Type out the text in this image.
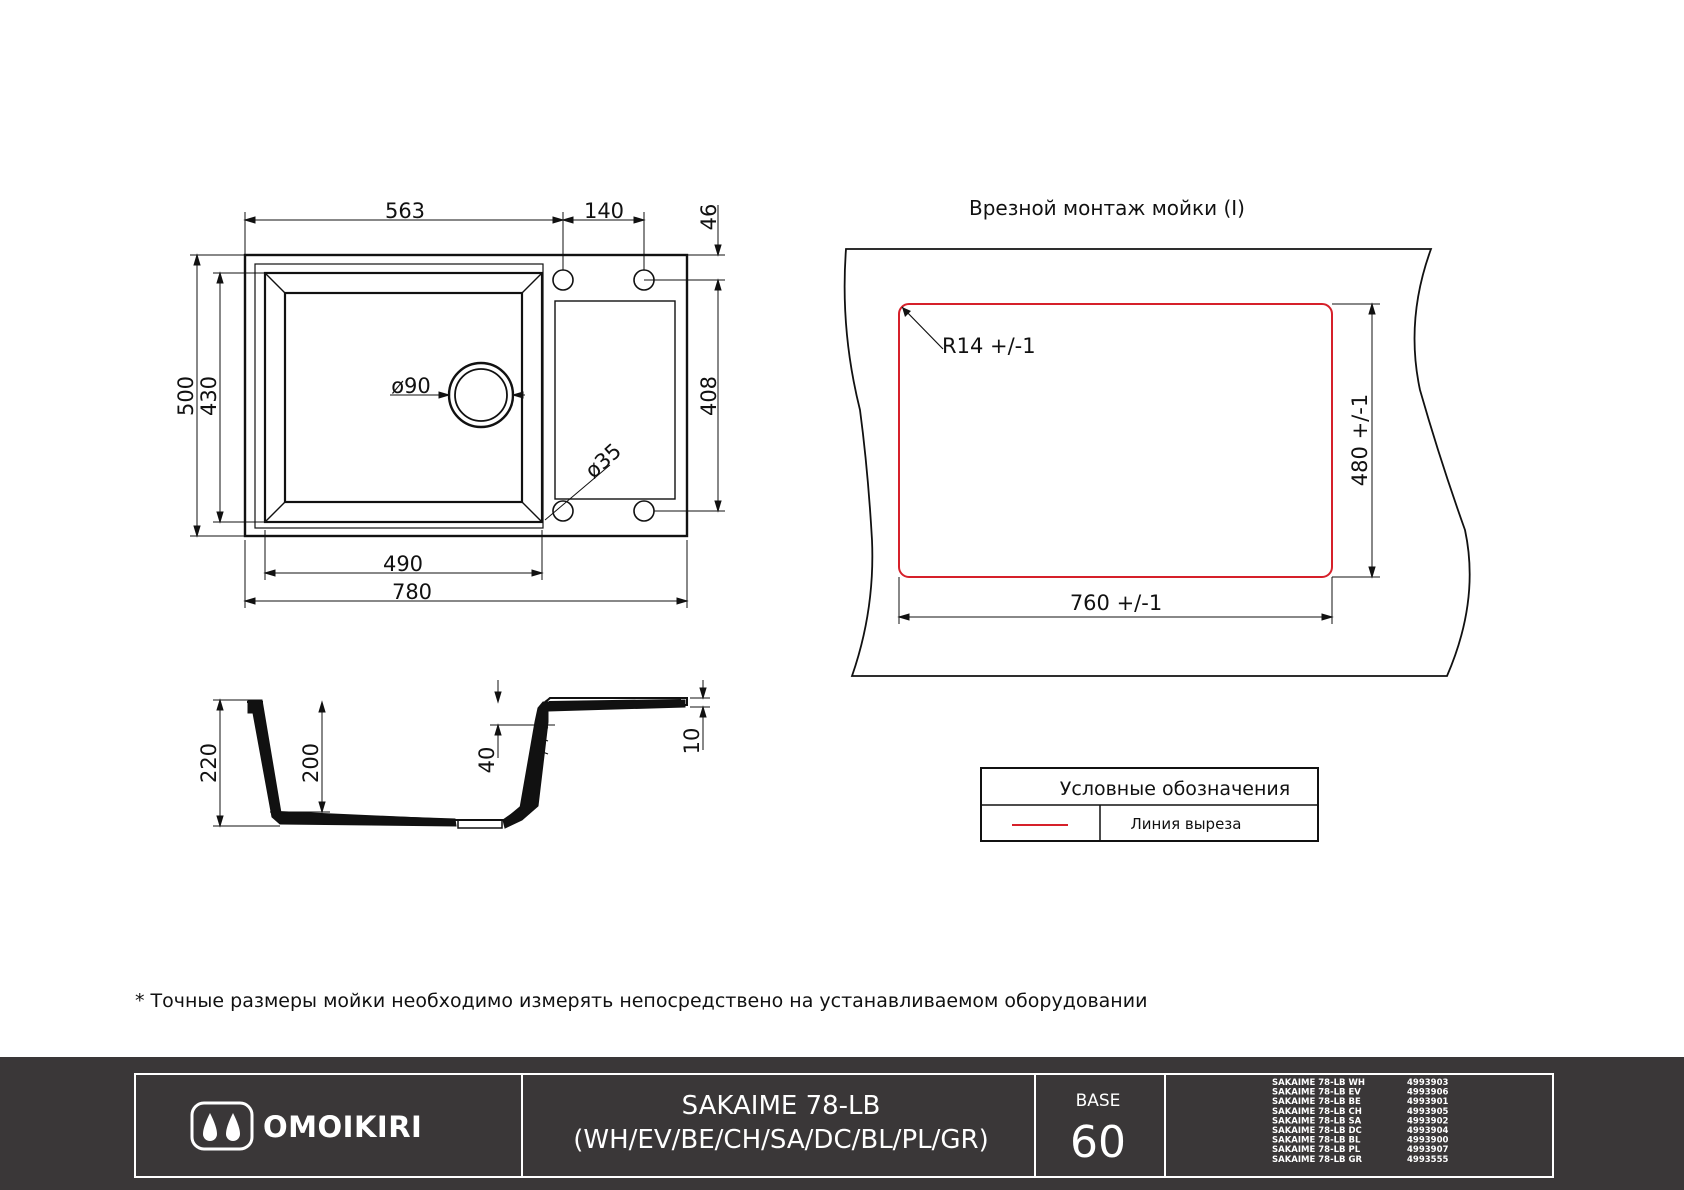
563	140	46
500 430	408
490
780
ø90
ø35
220	200	40
10
Врезной монтаж мойки (I)
R14 +/-1
480 +/-1
760 +/-1
Условные обозначения
Линия выреза
* Точные размеры мойки необходимо измерять непосредствено на устанавливаемом оборудовании
OMOIKIRI
SAKAIME 78-LB
(WH/EV/BE/CH/SA/DC/BL/PL/GR)
BASE
60
SAKAIME 78-LB WH	4993903
SAKAIME 78-LB EV	4993906
SAKAIME 78-LB BE	4993901
SAKAIME 78-LB CH	4993905
SAKAIME 78-LB SA	4993902
SAKAIME 78-LB DC	4993904
SAKAIME 78-LB BL	4993900
SAKAIME 78-LB PL	4993907
SAKAIME 78-LB GR	4993555
